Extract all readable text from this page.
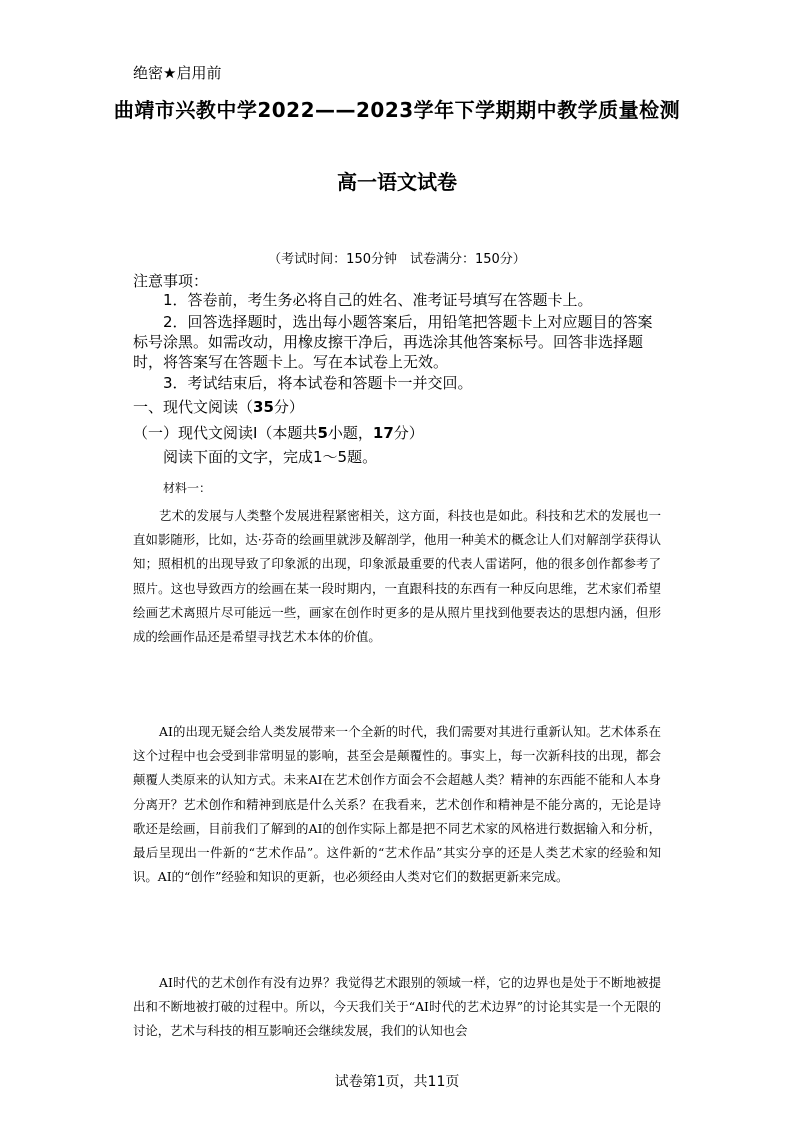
绝密★启用前
曲靖市兴教中学2022——2023学年下学期期中教学质量检测
高一语文试卷
（考试时间：150分钟　试卷满分：150分）
注意事项：
1．答卷前，考生务必将自己的姓名、准考证号填写在答题卡上。
2．回答选择题时，选出每小题答案后，用铅笔把答题卡上对应题目的答案标号涂黑。如需改动，用橡皮擦干净后，再选涂其他答案标号。回答非选择题时，将答案写在答题卡上。写在本试卷上无效。
3．考试结束后，将本试卷和答题卡一并交回。
一、现代文阅读（35分）
（一）现代文阅读Ⅰ（本题共5小题，17分）
阅读下面的文字，完成1～5题。
材料一：
艺术的发展与人类整个发展进程紧密相关，这方面，科技也是如此。科技和艺术的发展也一直如影随形，比如，达·芬奇的绘画里就涉及解剖学，他用一种美术的概念让人们对解剖学获得认知；照相机的出现导致了印象派的出现，印象派最重要的代表人雷诺阿，他的很多创作都参考了照片。这也导致西方的绘画在某一段时期内，一直跟科技的东西有一种反向思维，艺术家们希望绘画艺术离照片尽可能远一些，画家在创作时更多的是从照片里找到他要表达的思想内涵，但形成的绘画作品还是希望寻找艺术本体的价值。
AI的出现无疑会给人类发展带来一个全新的时代，我们需要对其进行重新认知。艺术体系在这个过程中也会受到非常明显的影响，甚至会是颠覆性的。事实上，每一次新科技的出现，都会颠覆人类原来的认知方式。未来AI在艺术创作方面会不会超越人类？精神的东西能不能和人本身分离开？艺术创作和精神到底是什么关系？在我看来，艺术创作和精神是不能分离的，无论是诗歌还是绘画，目前我们了解到的AI的创作实际上都是把不同艺术家的风格进行数据输入和分析，最后呈现出一件新的“艺术作品”。这件新的“艺术作品”其实分享的还是人类艺术家的经验和知识。AI的“创作”经验和知识的更新，也必须经由人类对它们的数据更新来完成。
AI时代的艺术创作有没有边界？我觉得艺术跟别的领域一样，它的边界也是处于不断地被提出和不断地被打破的过程中。所以，今天我们关于“AI时代的艺术边界”的讨论其实是一个无限的讨论，艺术与科技的相互影响还会继续发展，我们的认知也会
试卷第1页，共11页
